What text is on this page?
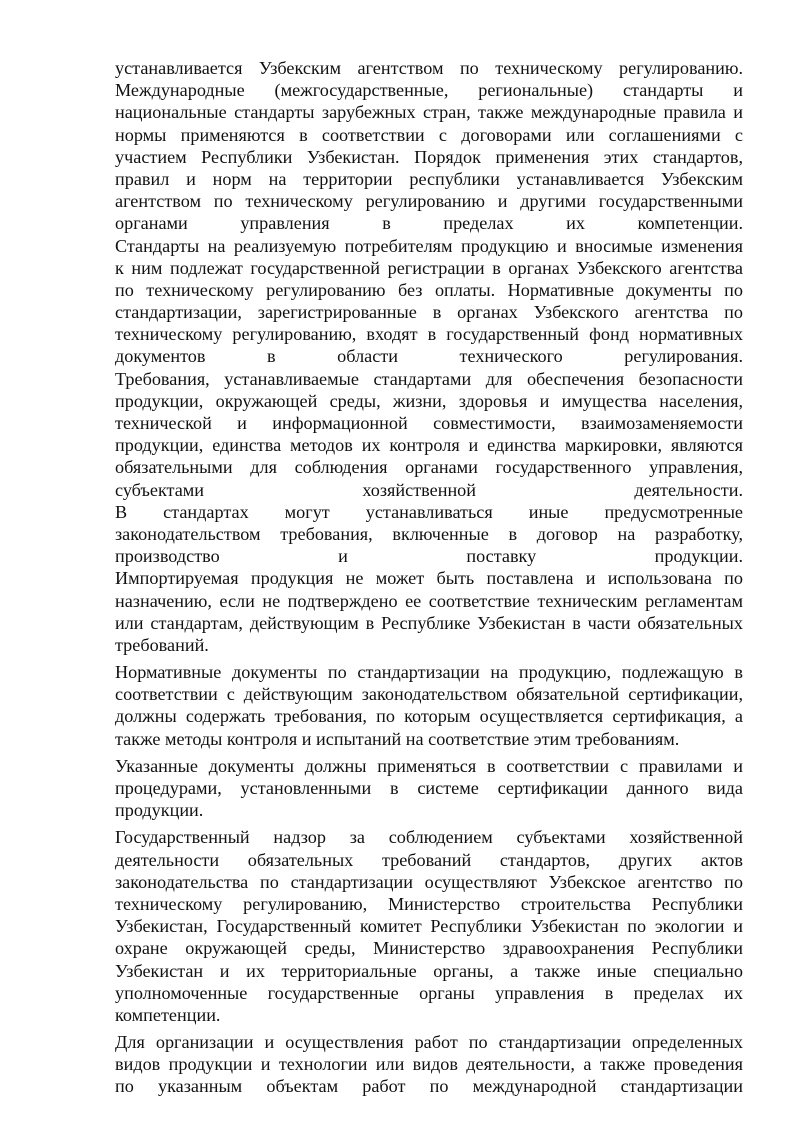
устанавливается Узбекским агентством по техническому регулированию.
Международные (межгосударственные, региональные) стандарты и
национальные стандарты зарубежных стран, также международные правила и
нормы применяются в соответствии с договорами или соглашениями с
участием Республики Узбекистан. Порядок применения этих стандартов,
правил и норм на территории республики устанавливается Узбекским
агентством по техническому регулированию и другими государственными
органами управления в пределах их компетенции.
Стандарты на реализуемую потребителям продукцию и вносимые изменения
к ним подлежат государственной регистрации в органах Узбекского агентства
по техническому регулированию без оплаты. Нормативные документы по
стандартизации, зарегистрированные в органах Узбекского агентства по
техническому регулированию, входят в государственный фонд нормативных
документов в области технического регулирования.
Требования, устанавливаемые стандартами для обеспечения безопасности
продукции, окружающей среды, жизни, здоровья и имущества населения,
технической и информационной совместимости, взаимозаменяемости
продукции, единства методов их контроля и единства маркировки, являются
обязательными для соблюдения органами государственного управления,
субъектами хозяйственной деятельности.
В стандартах могут устанавливаться иные предусмотренные
законодательством требования, включенные в договор на разработку,
производство и поставку продукции.
Импортируемая продукция не может быть поставлена и использована по
назначению, если не подтверждено ее соответствие техническим регламентам
или стандартам, действующим в Республике Узбекистан в части обязательных
требований.
Нормативные документы по стандартизации на продукцию, подлежащую в
соответствии с действующим законодательством обязательной сертификации,
должны содержать требования, по которым осуществляется сертификация, а
также методы контроля и испытаний на соответствие этим требованиям.
Указанные документы должны применяться в соответствии с правилами и
процедурами, установленными в системе сертификации данного вида
продукции.
Государственный надзор за соблюдением субъектами хозяйственной
деятельности обязательных требований стандартов, других актов
законодательства по стандартизации осуществляют Узбекское агентство по
техническому регулированию, Министерство строительства Республики
Узбекистан, Государственный комитет Республики Узбекистан по экологии и
охране окружающей среды, Министерство здравоохранения Республики
Узбекистан и их территориальные органы, а также иные специально
уполномоченные государственные органы управления в пределах их
компетенции.
Для организации и осуществления работ по стандартизации определенных
видов продукции и технологии или видов деятельности, а также проведения
по указанным объектам работ по международной стандартизации
